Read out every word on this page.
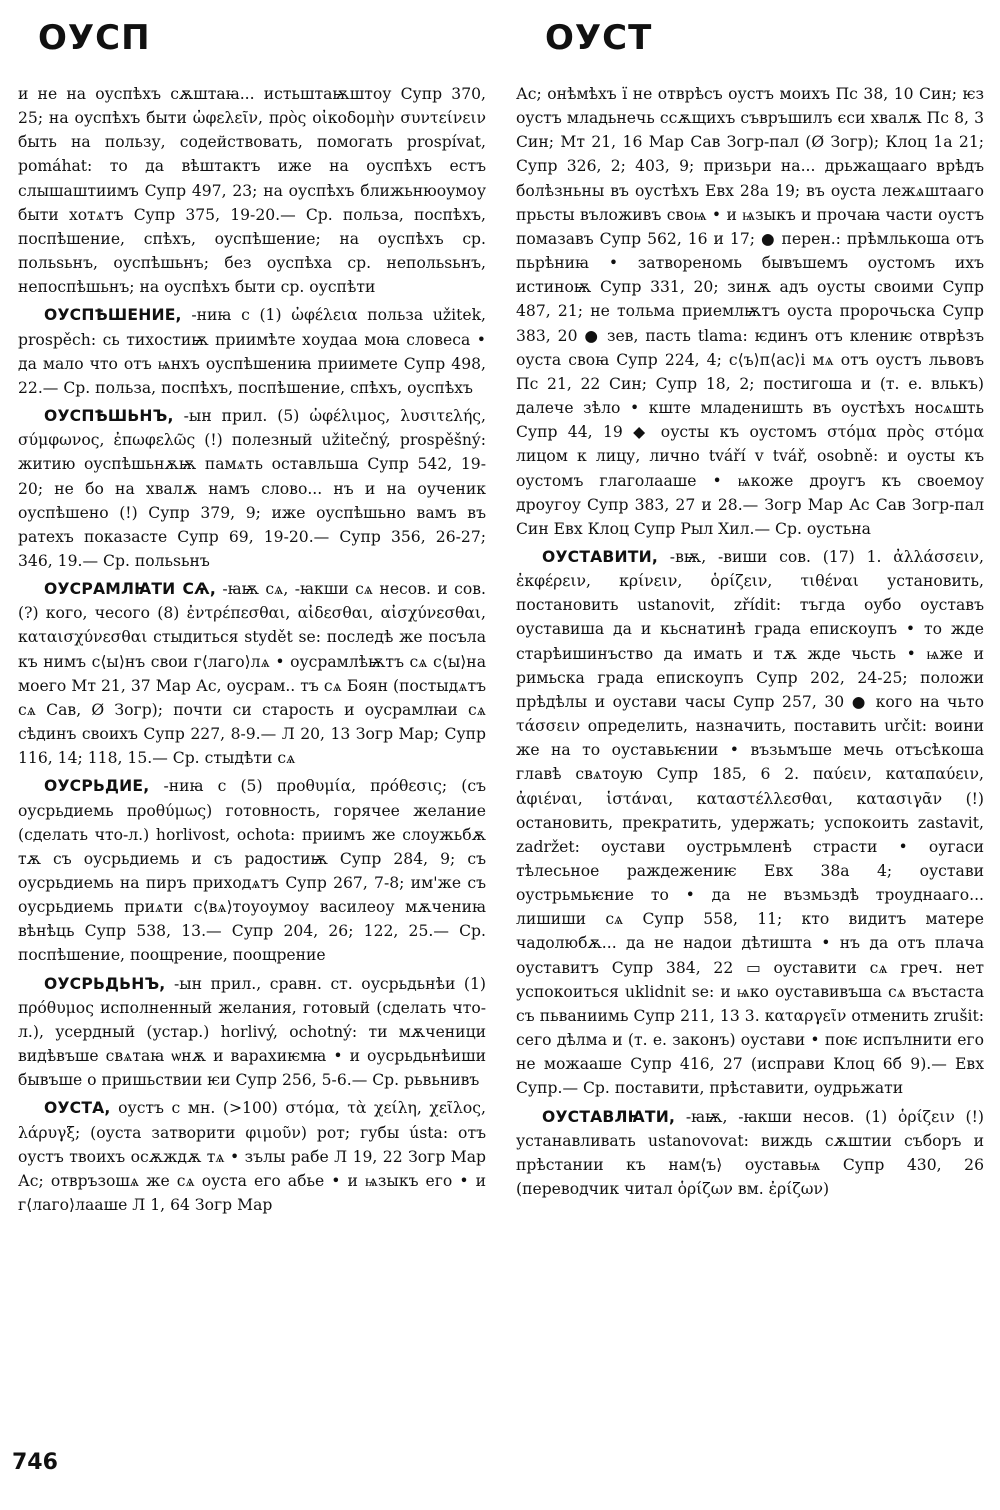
ОУСП	ОУСТ

и не на оуспѣхъ сѫштаꙗ... истьштаѭштоу Супр 370, 25; на оуспѣхъ быти ὠφελεῖν, πρὸς οἰκοδομὴν συντείνειν быть на пользу, содействовать, помогать prospívat, pomáhat: то да вѣштактъ иже на оуспѣхъ естъ слышаштиимъ Супр 497, 23; на оуспѣхъ ближьнюоумоу быти хотѧтъ Супр 375, 19-20.— Ср. польза, поспѣхъ, поспѣшение, спѣхъ, оуспѣшение; на оуспѣхъ ср. польѕьнъ, оуспѣшьнъ; без оуспѣха ср. непольѕьнъ, непоспѣшьнъ; на оуспѣхъ быти ср. оуспѣти

ОУСПѢШЕНИЕ, -ниꙗ с (1) ὠφέλεια польза užitek, prospěch: сь тихостиѭ приимѣте хоудаа моꙗ словеса • да мало что отъ ѩнхъ оуспѣшениꙗ приимете Супр 498, 22.— Ср. польза, поспѣхъ, поспѣшение, спѣхъ, оуспѣхъ

ОУСПѢШЬНЪ, -ын прил. (5) ὠφέλιμος, λυσιτελής, σύμφωνος, ἐπωφελῶς (!) полезный užitečný, prospěšný: житию оуспѣшьнѫѭ памѧть оставльша Супр 542, 19-20; не бо на хвалѫ намъ слово... нъ и на оученик оуспѣшено (!) Супр 379, 9; иже оуспѣшьно вамъ въ ратехъ показасте Супр 69, 19-20.— Супр 356, 26-27; 346, 19.— Ср. польѕьнъ

ОУСРАМЛꙖТИ СѦ, -ꙗѭ сѧ, -ꙗкши сѧ несов. и сов. (?) кого, чесого (8) ἐντρέπεσθαι, αἰδεσθαι, αἰσχύνεσθαι, καταισχύνεσθαι стыдиться stydět se: последѣ же посъла къ нимъ с⟨ы⟩нъ свои г⟨лаго⟩лѧ • оусрамлѣѭтъ сѧ с⟨ы⟩на моего Мт 21, 37 Мар Ас, оусрам.. тъ сѧ Боян (постыдѧтъ сѧ Сав, Ø Зогр); почти си старость и оусрамлꙗи сѧ сѣдинъ своихъ Супр 227, 8-9.— Л 20, 13 Зогр Мар; Супр 116, 14; 118, 15.— Ср. стыдѣти сѧ

ОУСРЬДИЕ, -ниꙗ с (5) προθυμία, πρόθεσις; (съ оусрьдиемь προθύμως) готовность, горячее желание (сделать что-л.) horlivost, ochota: приимъ же слоужьбѫ тѫ съ оусрьдиемь и съ радостиѭ Супр 284, 9; съ оусрьдиемь на пиръ приходѧтъ Супр 267, 7-8; им'же съ оусрьдиемь приѧти с⟨вѧ⟩тоуоумоу василеоу мѫчениꙗ вѣнѣць Супр 538, 13.— Супр 204, 26; 122, 25.— Ср. поспѣшение, поощрение, поощрение

ОУСРЬДЬНЪ, -ын прил., сравн. ст. оусрьдьнѣи (1) πρόθυμος исполненный желания, готовый (сделать что-л.), усердный (устар.) horlivý, ochotný: ти мѫченици видѣвъше свѧтаꙗ ѡнѫ и варахиѥмꙗ • и оусрьдьнѣиши бывъше о пришьствии ѥи Супр 256, 5-6.— Ср. рьвьнивъ

ОУСТА, оустъ с мн. (>100) στόμα, τὰ χείλη, χεῖλος, λάρυγξ; (оуста затворити φιμοῦν) рот; губы ústa: отъ оустъ твоихъ осѫждѫ тѧ • зълы рабе Л 19, 22 Зогр Мар Ас; отвръзошѧ же сѧ оуста его абье • и ѩзыкъ его • и г⟨лаго⟩лааше Л 1, 64 Зогр Мар

Ас; онѣмѣхъ ї не отврѣсъ оустъ моихъ Пс 38, 10 Син; ѥз оустъ младьнечь ссѫщихъ съвръшилъ єси хвалѫ Пс 8, 3 Син; Мт 21, 16 Мар Сав Зогр-пал (Ø Зогр); Клоц 1а 21; Супр 326, 2; 403, 9; призьри на... дрьжащааго врѣдъ болѣзньны въ оустѣхъ Евх 28а 19; въ оуста лежѧштааго прьсты въложивъ своѩ • и ѩзыкъ и прочаꙗ части оустъ помазавъ Супр 562, 16 и 17; ● перен.: прѣмлькоша отъ пьрѣниꙗ • затвореномь бывъшемъ оустомъ ихъ истиноѭ Супр 331, 20; зинѫ адъ оусты своими Супр 487, 21; не тольма приемлѭтъ оуста пророчьска Супр 383, 20 ● зев, пасть tlama: ѥдинъ отъ клениѥ отврѣзъ оуста своꙗ Супр 224, 4; с⟨ъ⟩п⟨ас⟩і мѧ отъ оустъ львовъ Пс 21, 22 Син; Супр 18, 2; постигоша и (т. е. влькъ) далече зѣло • кште младеништь въ оустѣхъ носѧшть Супр 44, 19 ◆ оусты къ оустомъ στόμα πρὸς στόμα лицом к лицу, лично tváří v tvář, osobně: и оусты къ оустомъ глаголааше • ѩкоже дроугъ къ своемоу дроугоу Супр 383, 27 и 28.— Зогр Мар Ас Сав Зогр-пал Син Евх Клоц Супр Рыл Хил.— Ср. оустьна

ОУСТАВИТИ, -вѭ, -виши сов. (17) 1. ἀλλάσσειν, ἐκφέρειν, κρίνειν, ὁρίζειν, τιθέναι установить, постановить ustanovit, zřídit: тъгда оубо оуставъ оуставиша да и кьснатинѣ града епискоупъ • то жде старѣишинъство да имать и тѫ жде чьсть • ѩже и римьска града епискоупъ Супр 202, 24-25; положи прѣдѣлы и оустави часы Супр 257, 30 ● кого на чьто τάσσειν определить, назначить, поставить určit: воини же на то оуставьѥнии • възьмъше мечь отъсѣкоша главѣ свѧтоую Супр 185, 6 2. παύειν, καταπαύειν, ἀφιέναι, ἱστάναι, καταστέλλεσθαι, κατασιγᾶν (!) остановить, прекратить, удержать; успокоить zastavit, zadržet: оустави оустрьмленѣ страсти • оугаси тѣлесьное раждежениѥ Евх 38а 4; оустави оустрьмьѥние то • да не възмьздѣ троуднааго... лишиши сѧ Супр 558, 11; кто видитъ матере чадолюбѫ... да не надои дѣтишта • нъ да отъ плача оуставитъ Супр 384, 22 ▭ оуставити сѧ греч. нет успокоиться uklidnit se: и ѩко оуставивъша сѧ въстаста съ пьваниимь Супр 211, 13 3. καταργεῖν отменить zrušit: сего дѣлма и (т. е. законъ) оустави • поѥ испълнити его не можааше Супр 416, 27 (исправи Клоц 6б 9).— Евх Супр.— Ср. поставити, прѣставити, оудрьжати

ОУСТАВЛꙖТИ, -ꙗѭ, -ꙗкши несов. (1) ὁρίζειν (!) устанавливать ustanovovat: виждь сѫштии съборъ и прѣстании къ нам⟨ъ⟩ оуставьѩ Супр 430, 26 (переводчик читал ὁρίζων вм. ἐρίζων)

746
